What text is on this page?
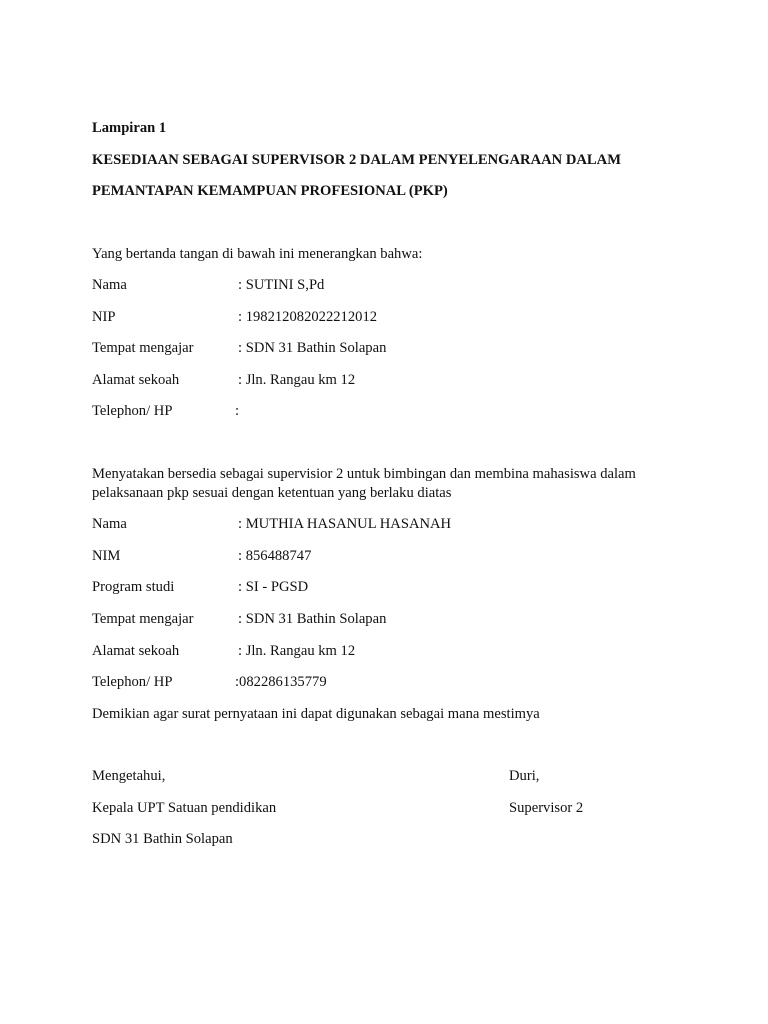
Lampiran 1
KESEDIAAN SEBAGAI SUPERVISOR 2 DALAM PENYELENGARAAN DALAM
PEMANTAPAN KEMAMPUAN PROFESIONAL (PKP)
Yang bertanda tangan di bawah ini menerangkan bahwa:
Nama	: SUTINI S,Pd
NIP	: 198212082022212012
Tempat mengajar	: SDN 31 Bathin Solapan
Alamat sekoah	: Jln. Rangau km 12
Telephon/ HP	:
Menyatakan bersedia sebagai supervisior 2 untuk bimbingan dan membina mahasiswa dalam
pelaksanaan pkp sesuai dengan ketentuan yang berlaku diatas
Nama	: MUTHIA HASANUL HASANAH
NIM	: 856488747
Program studi	: SI - PGSD
Tempat mengajar	: SDN 31 Bathin Solapan
Alamat sekoah	: Jln. Rangau km 12
Telephon/ HP	:082286135779
Demikian agar surat pernyataan ini dapat digunakan sebagai mana mestimya
Mengetahui,
Kepala UPT Satuan pendidikan
SDN 31 Bathin Solapan
Duri,
Supervisor 2
